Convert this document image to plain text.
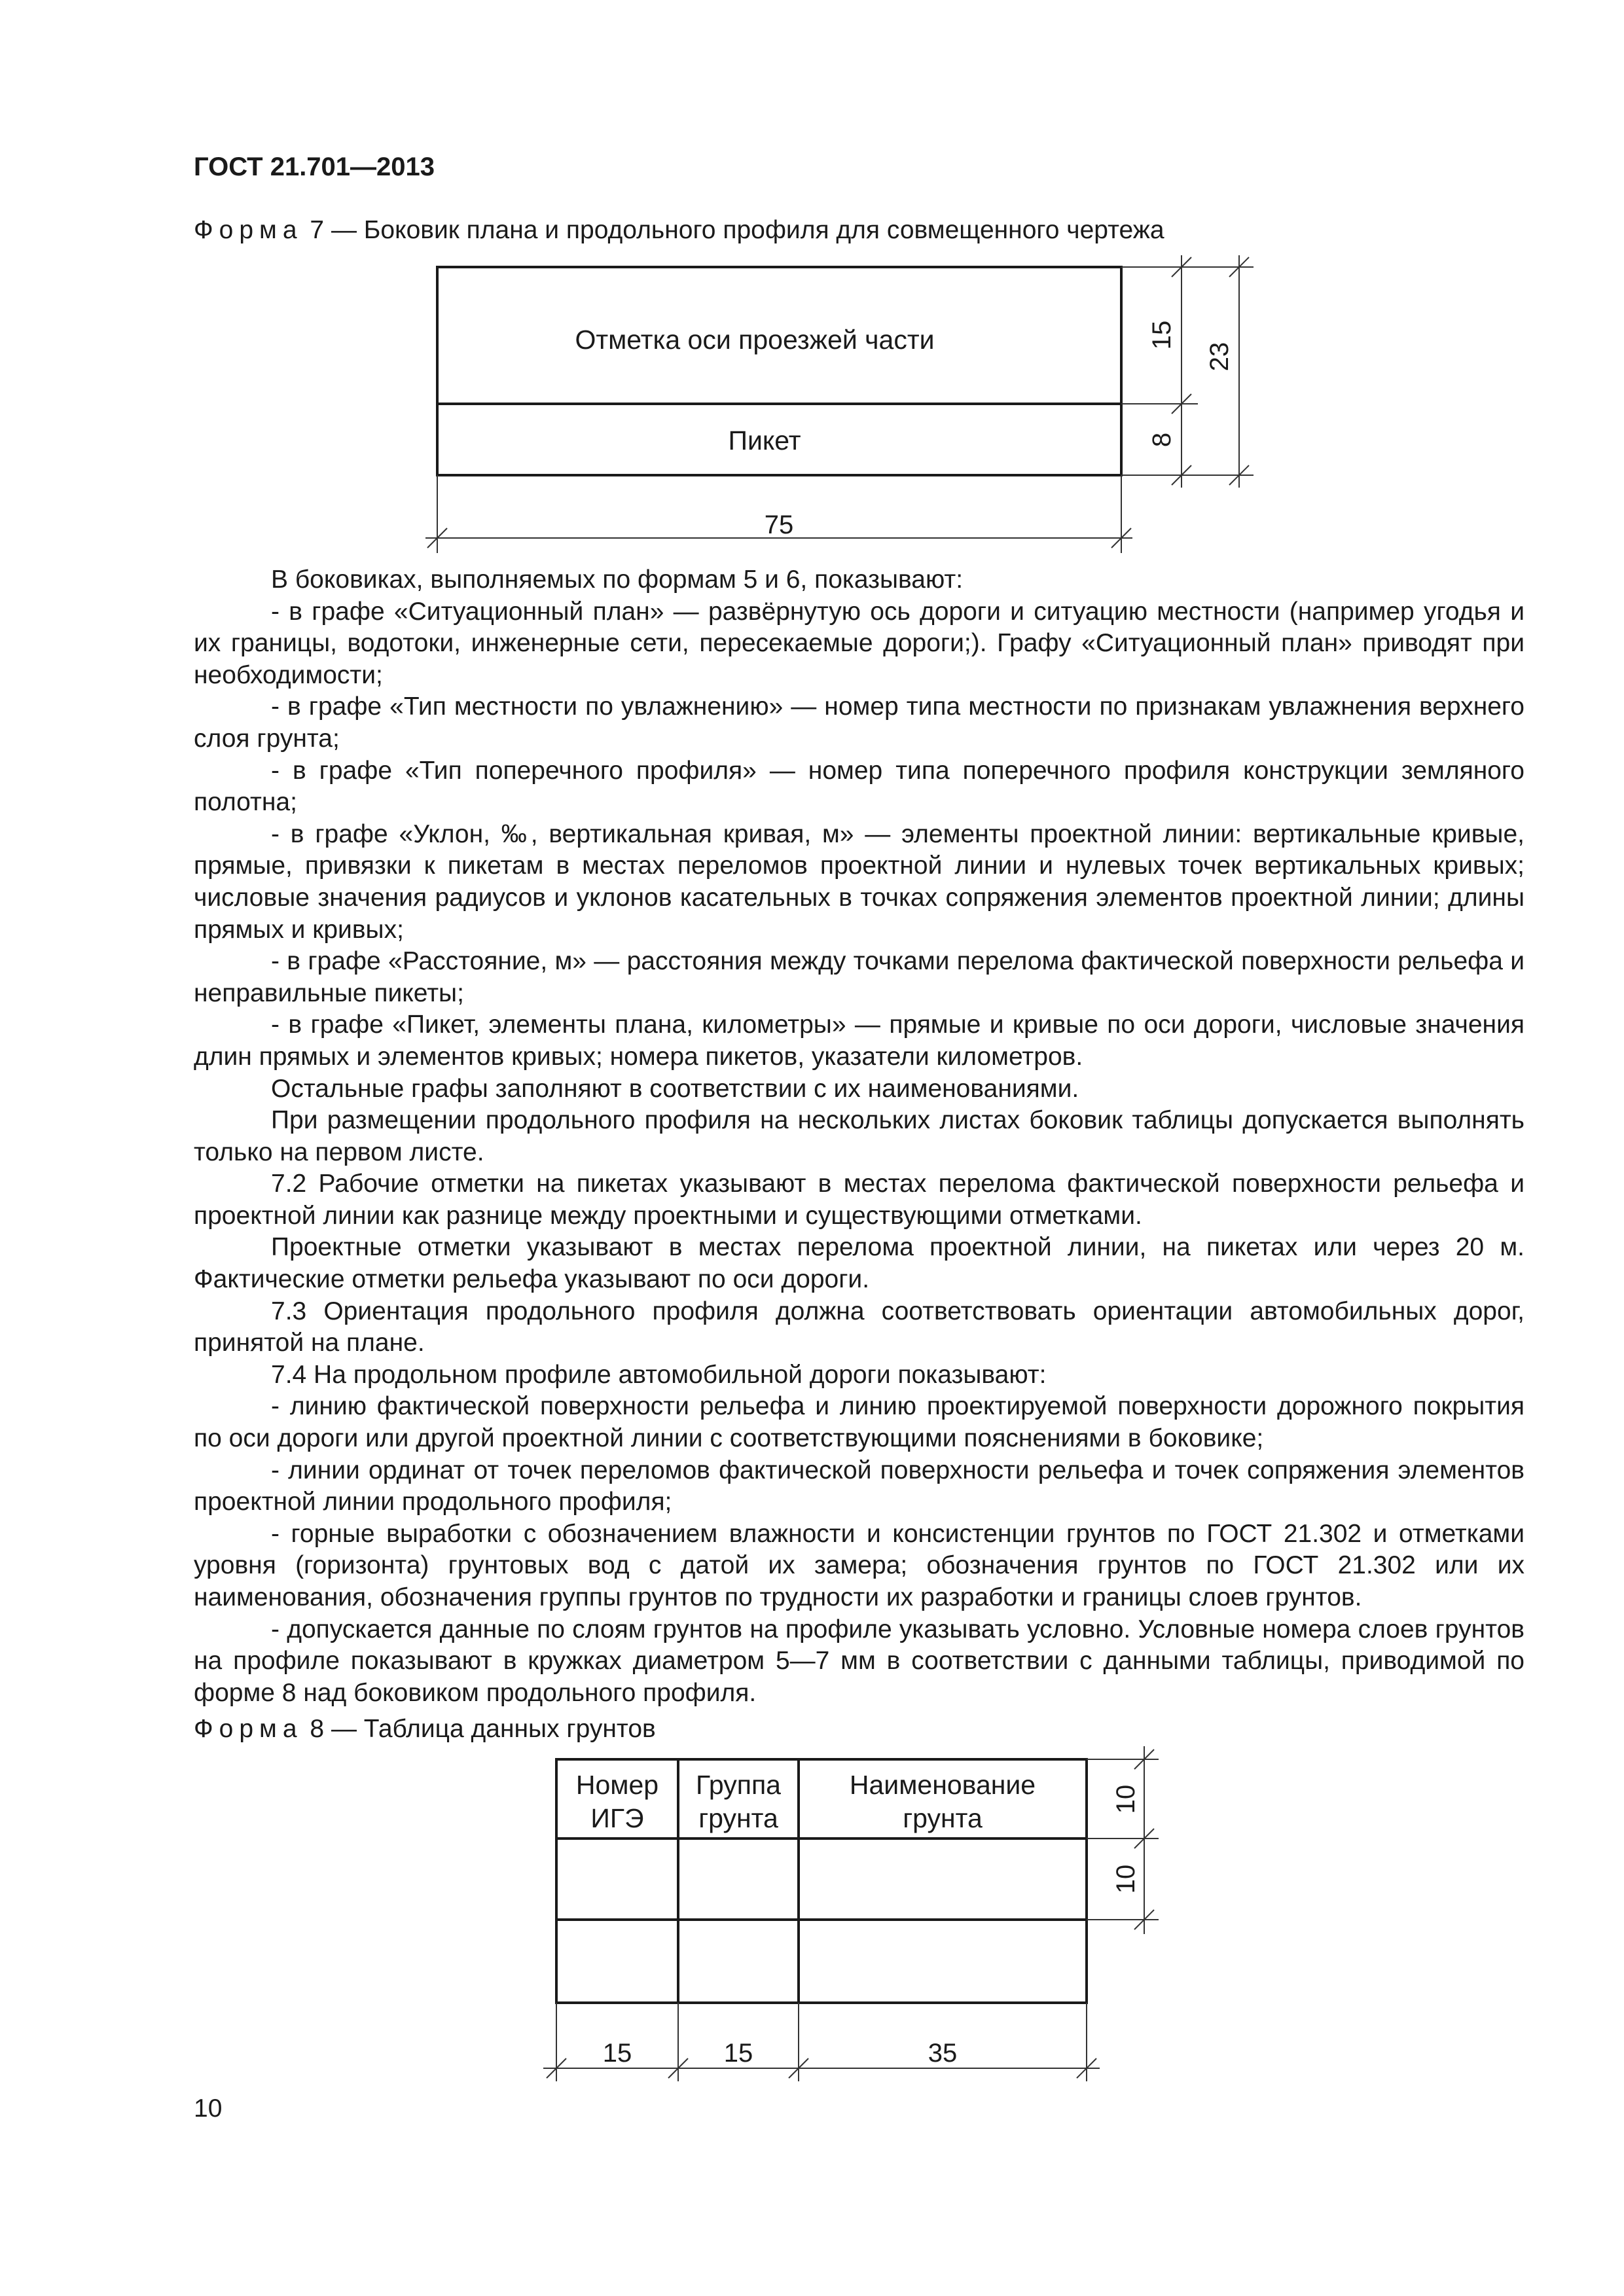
ГОСТ 21.701—2013
Форма 7 — Боковик плана и продольного профиля для совмещенного чертежа
Отметка оси проезжей части
Пикет
15
8
23
75

В боковиках, выполняемых по формам 5 и 6, показывают:

- в графе «Ситуационный план» — развёрнутую ось дороги и ситуацию местности (например угодья и их границы, водотоки, инженерные сети, пересекаемые дороги;). Графу «Ситуационный план» приводят при необходимости;

- в графе «Тип местности по увлажнению» — номер типа местности по признакам увлажнения верхнего слоя грунта;

- в графе «Тип поперечного профиля» — номер типа поперечного профиля конструкции земляного полотна;

- в графе «Уклон, ‰, вертикальная кривая, м» — элементы проектной линии: вертикальные кривые, прямые, привязки к пикетам в местах переломов проектной линии и нулевых точек вертикальных кривых; числовые значения радиусов и уклонов касательных в точках сопряжения элементов проектной линии; длины прямых и кривых;

- в графе «Расстояние, м» — расстояния между точками перелома фактической поверхности рельефа и неправильные пикеты;

- в графе «Пикет, элементы плана, километры» — прямые и кривые по оси дороги, числовые значения длин прямых и элементов кривых; номера пикетов, указатели километров.

Остальные графы заполняют в соответствии с их наименованиями.

При размещении продольного профиля на нескольких листах боковик таблицы допускается выполнять только на первом листе.

7.2 Рабочие отметки на пикетах указывают в местах перелома фактической поверхности рельефа и проектной линии как разнице между проектными и существующими отметками.

Проектные отметки указывают в местах перелома проектной линии, на пикетах или через 20 м. Фактические отметки рельефа указывают по оси дороги.

7.3 Ориентация продольного профиля должна соответствовать ориентации автомобильных дорог, принятой на плане.

7.4 На продольном профиле автомобильной дороги показывают:

- линию фактической поверхности рельефа и линию проектируемой поверхности дорожного покрытия по оси дороги или другой проектной линии с соответствующими пояснениями в боковике;

- линии ординат от точек переломов фактической поверхности рельефа и точек сопряжения элементов проектной линии продольного профиля;

- горные выработки с обозначением влажности и консистенции грунтов по ГОСТ 21.302 и отметками уровня (горизонта) грунтовых вод с датой их замера; обозначения грунтов по ГОСТ 21.302 или их наименования, обозначения группы грунтов по трудности их разработки и границы слоев грунтов.

- допускается данные по слоям грунтов на профиле указывать условно. Условные номера слоев грунтов на профиле показывают в кружках диаметром 5—7 мм в соответствии с данными таблицы, приводимой по форме 8 над боковиком продольного профиля.

Форма 8 — Таблица данных грунтов
Номер
ИГЭ
Группа
грунта
Наименование
грунта
10
10
15	15	35
10
